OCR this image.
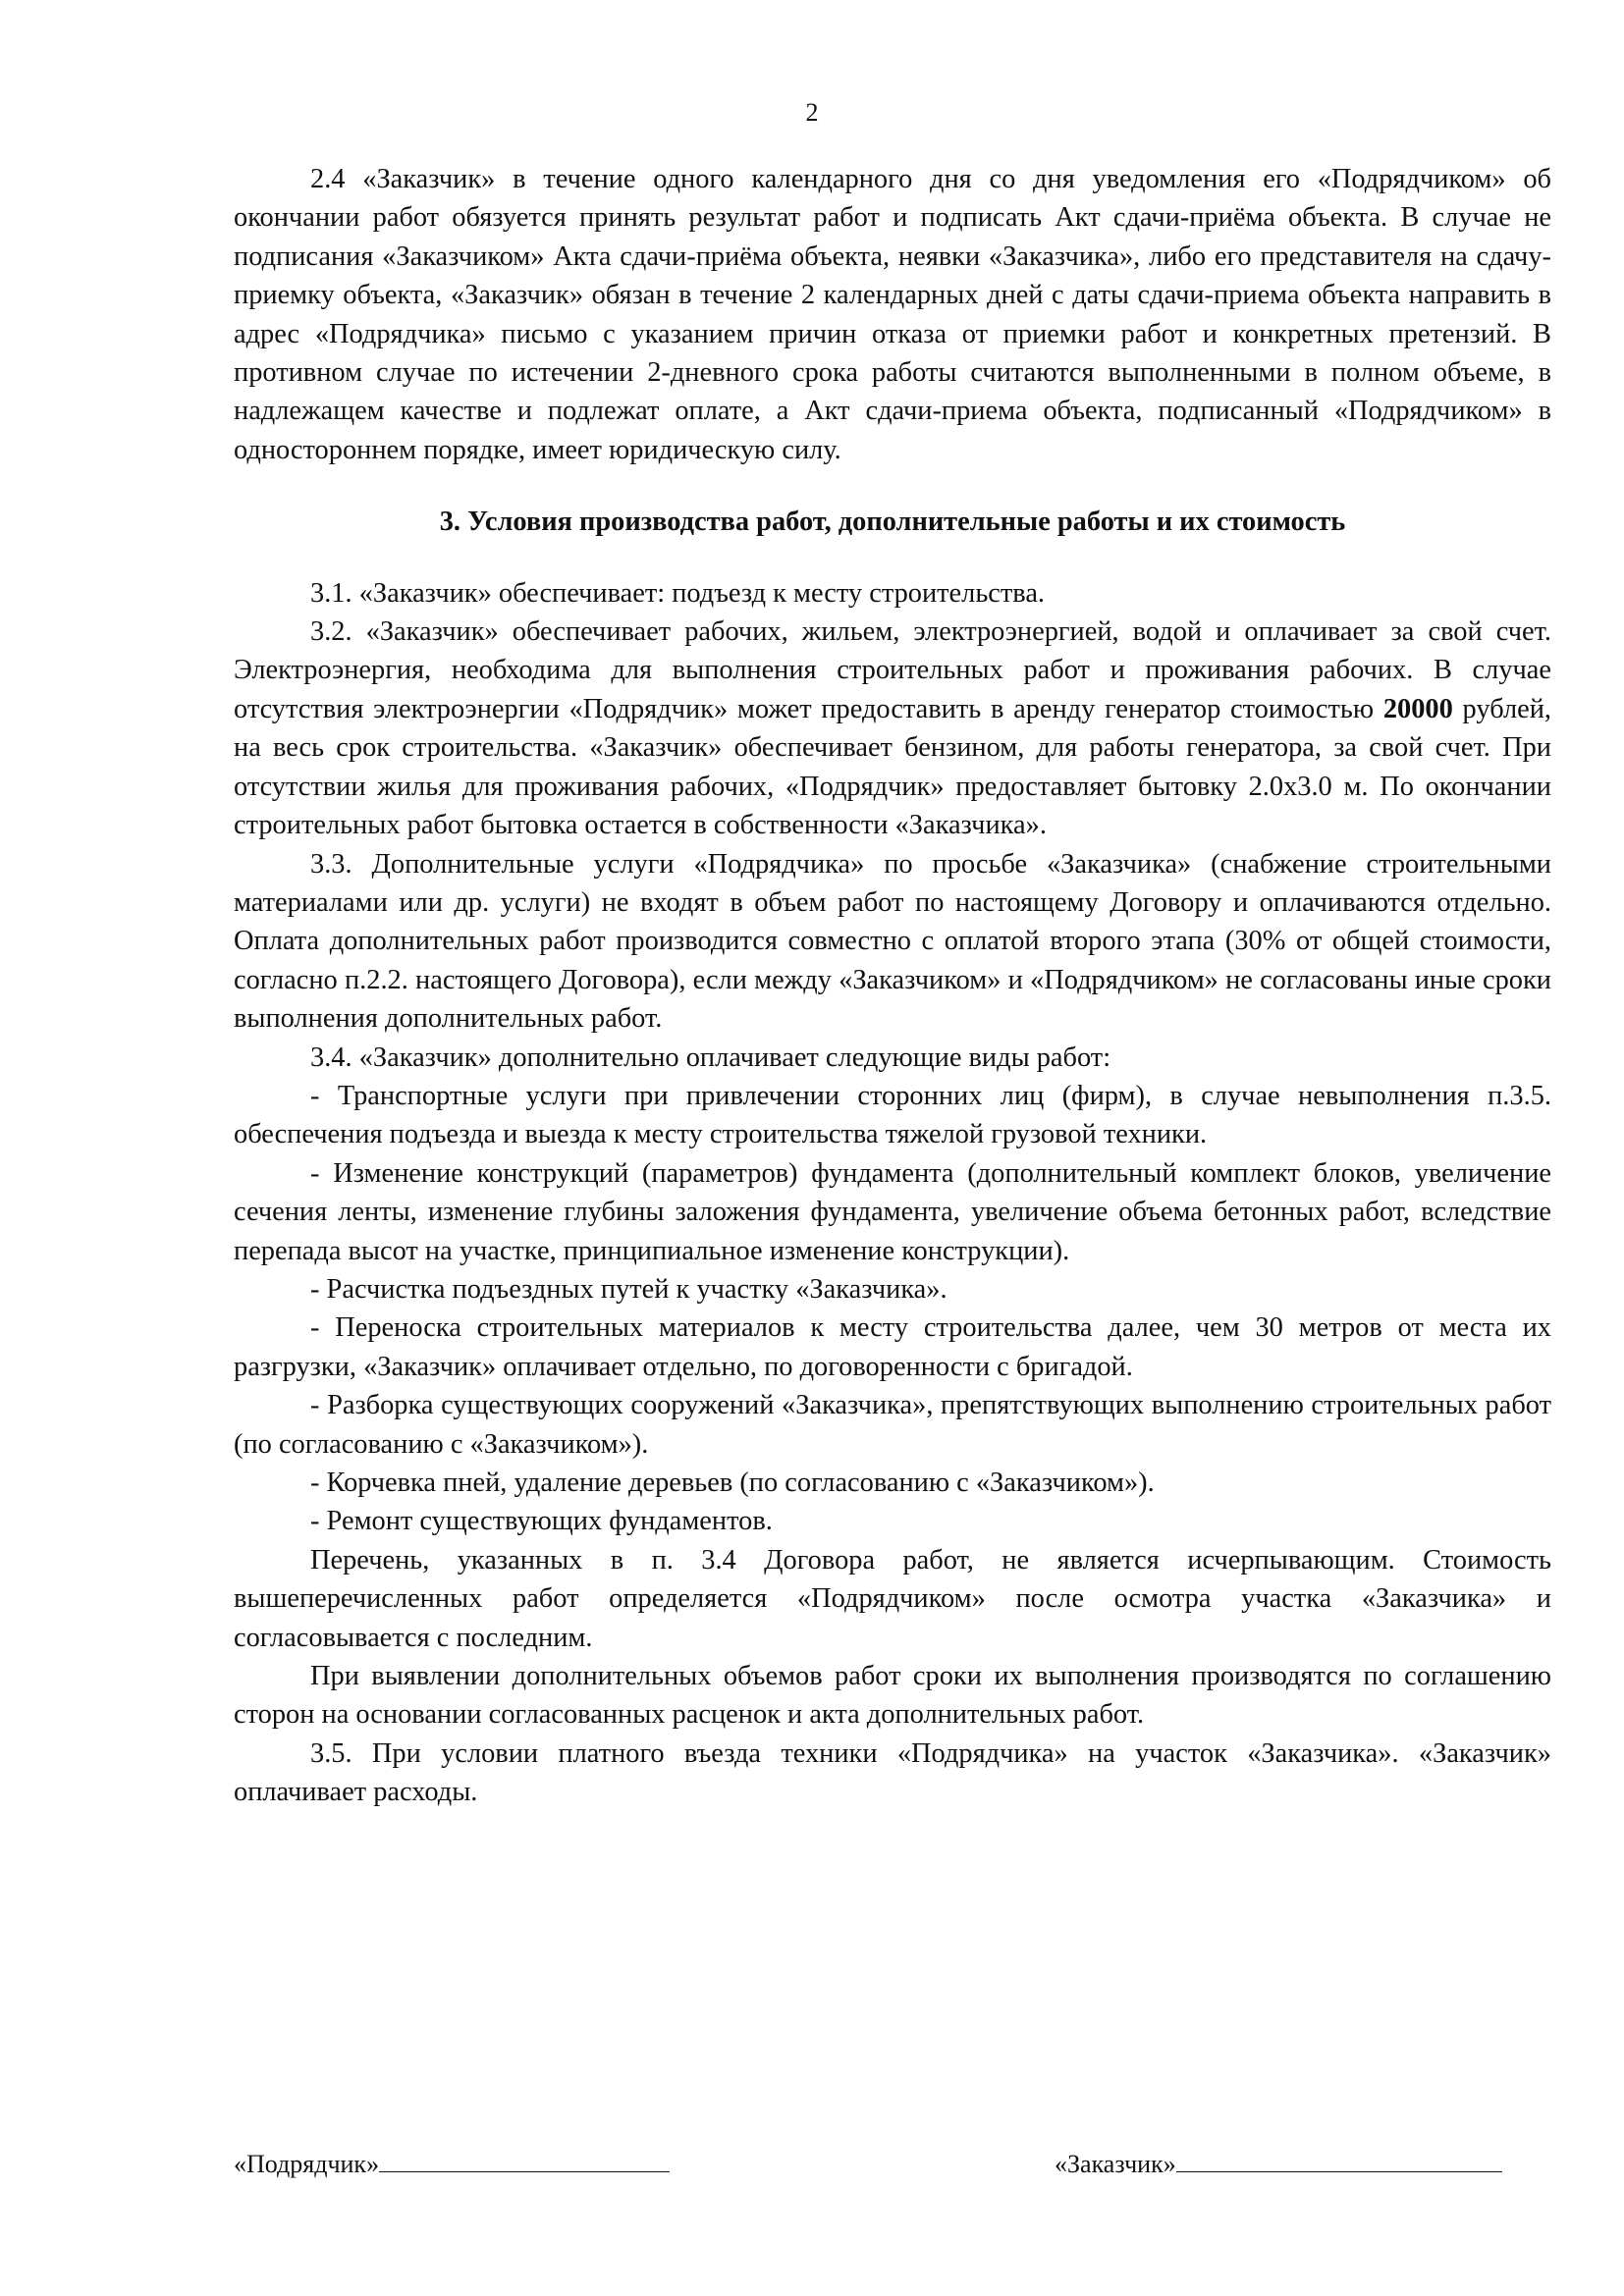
2

2.4 «Заказчик» в течение одного календарного дня со дня уведомления его «Подрядчиком» об окончании работ обязуется принять результат работ и подписать Акт сдачи-приёма объекта. В случае не подписания «Заказчиком» Акта сдачи-приёма объекта, неявки «Заказчика», либо его представителя на сдачу-приемку объекта, «Заказчик» обязан в течение 2 календарных дней с даты сдачи-приема объекта направить в адрес «Подрядчика» письмо с указанием причин отказа от приемки работ и конкретных претензий. В противном случае по истечении 2-дневного срока работы считаются выполненными в полном объеме, в надлежащем качестве и подлежат оплате, а Акт сдачи-приема объекта, подписанный «Подрядчиком» в одностороннем порядке, имеет юридическую силу.

3. Условия производства работ, дополнительные работы и их стоимость

3.1. «Заказчик» обеспечивает: подъезд к месту строительства.

3.2. «Заказчик» обеспечивает рабочих, жильем, электроэнергией, водой и оплачивает за свой счет. Электроэнергия, необходима для выполнения строительных работ и проживания рабочих. В случае отсутствия электроэнергии «Подрядчик» может предоставить в аренду генератор стоимостью 20000 рублей, на весь срок строительства. «Заказчик» обеспечивает бензином, для работы генератора, за свой счет. При отсутствии жилья для проживания рабочих, «Подрядчик» предоставляет бытовку 2.0х3.0 м. По окончании строительных работ бытовка остается в собственности «Заказчика».

3.3. Дополнительные услуги «Подрядчика» по просьбе «Заказчика» (снабжение строительными материалами или др. услуги) не входят в объем работ по настоящему Договору и оплачиваются отдельно. Оплата дополнительных работ производится совместно с оплатой второго этапа (30% от общей стоимости, согласно п.2.2. настоящего Договора), если между «Заказчиком» и «Подрядчиком» не согласованы иные сроки выполнения дополнительных работ.

3.4. «Заказчик» дополнительно оплачивает следующие виды работ:

- Транспортные услуги при привлечении сторонних лиц (фирм), в случае невыполнения п.3.5. обеспечения подъезда и выезда к месту строительства тяжелой грузовой техники.

- Изменение конструкций (параметров) фундамента (дополнительный комплект блоков, увеличение сечения ленты, изменение глубины заложения фундамента, увеличение объема бетонных работ, вследствие перепада высот на участке, принципиальное изменение конструкции).

- Расчистка подъездных путей к участку «Заказчика».

- Переноска строительных материалов к месту строительства далее, чем 30 метров от места их разгрузки, «Заказчик» оплачивает отдельно, по договоренности с бригадой.

- Разборка существующих сооружений «Заказчика», препятствующих выполнению строительных работ (по согласованию с «Заказчиком»).

- Корчевка пней, удаление деревьев (по согласованию с «Заказчиком»).

- Ремонт существующих фундаментов.

Перечень, указанных в п. 3.4 Договора работ, не является исчерпывающим. Стоимость вышеперечисленных работ определяется «Подрядчиком» после осмотра участка «Заказчика» и согласовывается с последним.

При выявлении дополнительных объемов работ сроки их выполнения производятся по соглашению сторон на основании согласованных расценок и акта дополнительных работ.

3.5. При условии платного въезда техники «Подрядчика» на участок «Заказчика». «Заказчик» оплачивает расходы.

«Подрядчик»	«Заказчик»
